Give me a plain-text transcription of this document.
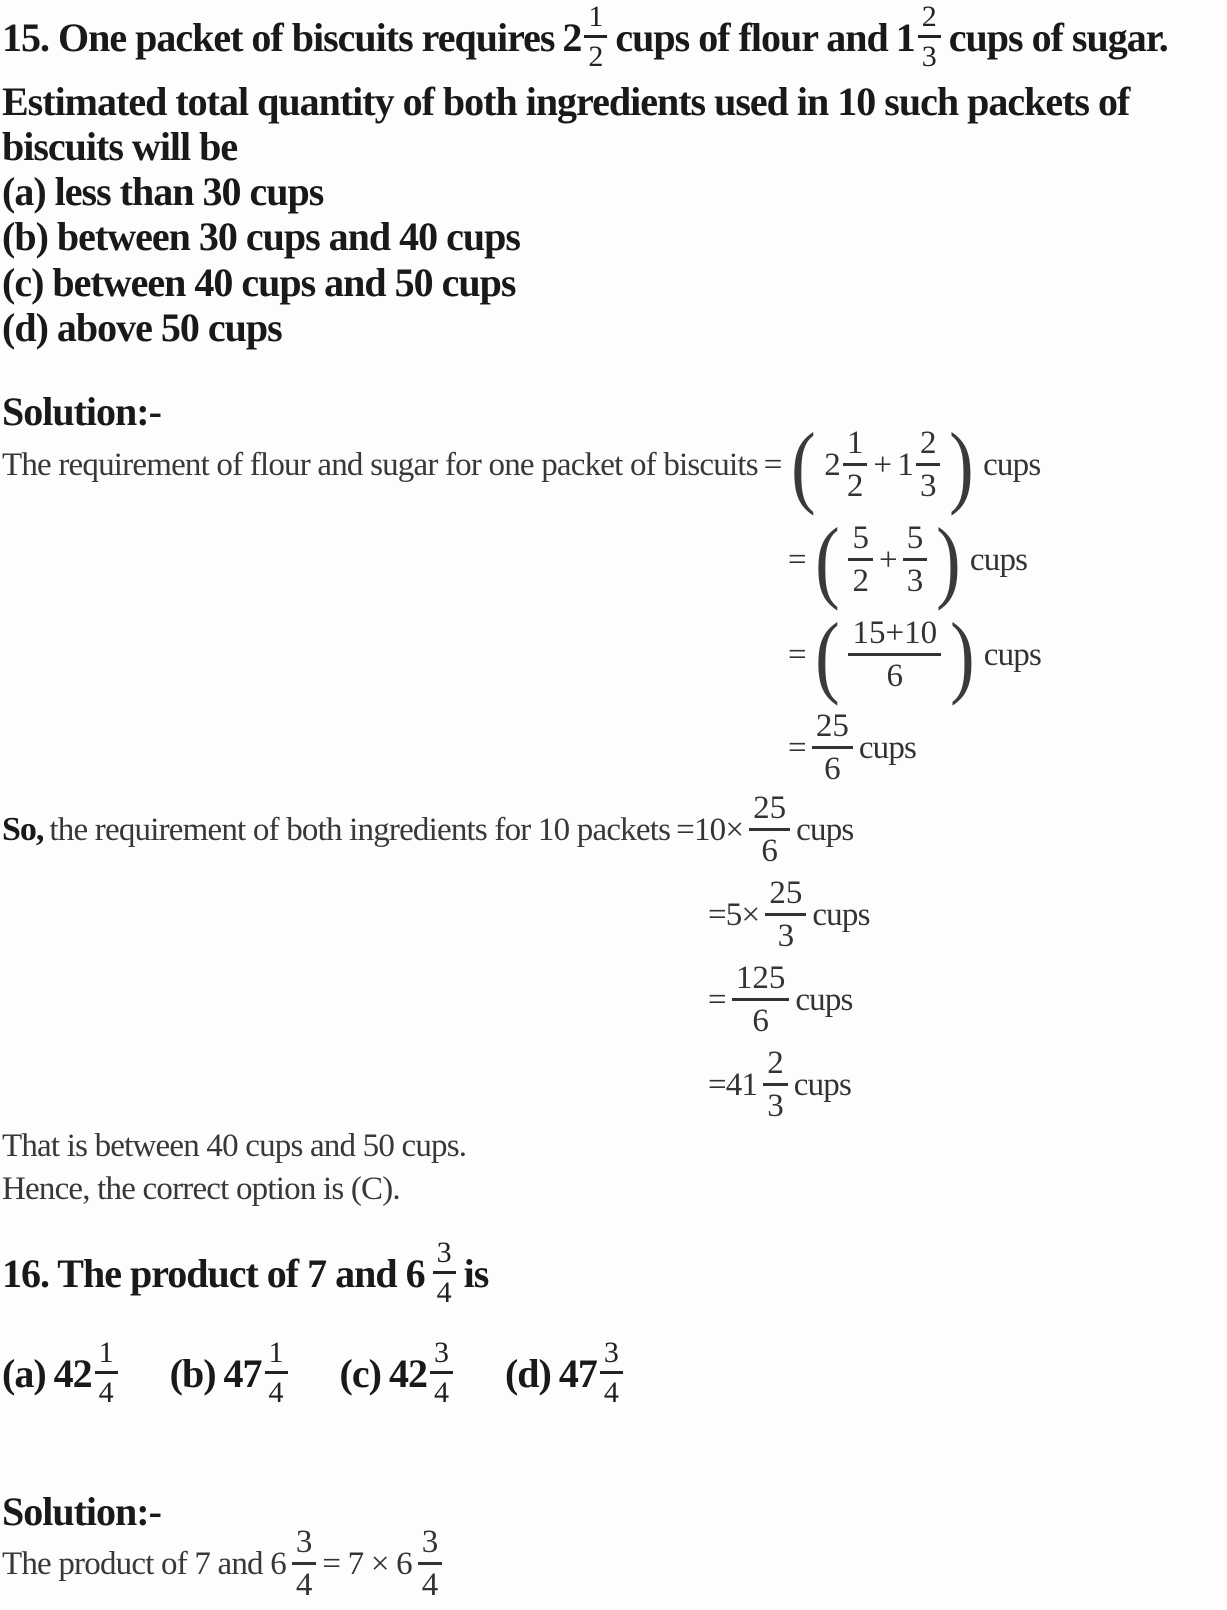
15. One packet of biscuits requires $2 \frac{1}{2}$ cups of flour and $1 \frac{2}{3}$ cups of sugar.
Estimated total quantity of both ingredients used in 10 such packets of
biscuits will be
(a) less than 30 cups
(b) between 30 cups and 40 cups
(c) between 40 cups and 50 cups
(d) above 50 cups
Solution:-
The requirement of flour and sugar for one packet of biscuits = ( $2 \frac{1}{2} + 1 \frac{2}{3}$ ) cups
= ( $\frac{5}{2} + \frac{5}{3}$ ) cups
= ( $\frac{15+10}{6}$ ) cups
= $\frac{25}{6}$ cups
So, the requirement of both ingredients for 10 packets $=10\times \frac{25}{6}$ cups
$=5\times \frac{25}{3}$ cups
= $\frac{125}{6}$ cups
$=41 \frac{2}{3}$ cups
That is between 40 cups and 50 cups.
Hence, the correct option is (C).
16. The product of 7 and $6 \frac{3}{4}$ is
(a) $42 \frac{1}{4} (b)$ $47 \frac{1}{4} (c)$ $42 \frac{3}{4} (d)$ $47 \frac{3}{4}$
Solution:-
The product of 7 and $6 \frac{3}{4} = 7 \times 6 \frac{3}{4}$
